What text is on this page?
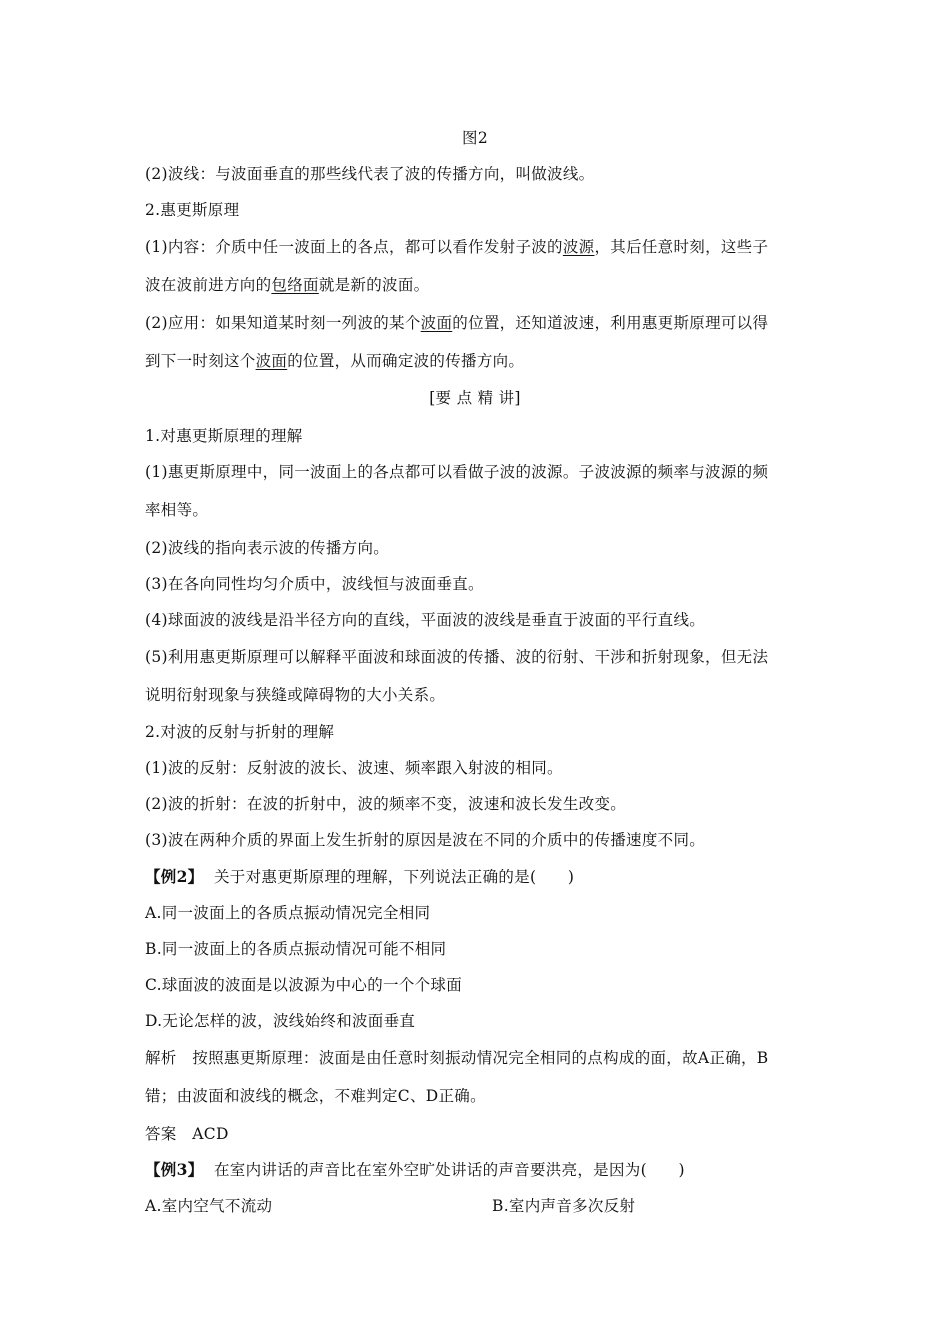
图2
(2)波线：与波面垂直的那些线代表了波的传播方向，叫做波线。
2.惠更斯原理
(1)内容：介质中任一波面上的各点，都可以看作发射子波的波源，其后任意时刻，这些子
波在波前进方向的包络面就是新的波面。
(2)应用：如果知道某时刻一列波的某个波面的位置，还知道波速，利用惠更斯原理可以得
到下一时刻这个波面的位置，从而确定波的传播方向。
[要 点 精 讲]
1.对惠更斯原理的理解
(1)惠更斯原理中，同一波面上的各点都可以看做子波的波源。子波波源的频率与波源的频
率相等。
(2)波线的指向表示波的传播方向。
(3)在各向同性均匀介质中，波线恒与波面垂直。
(4)球面波的波线是沿半径方向的直线，平面波的波线是垂直于波面的平行直线。
(5)利用惠更斯原理可以解释平面波和球面波的传播、波的衍射、干涉和折射现象，但无法
说明衍射现象与狭缝或障碍物的大小关系。
2.对波的反射与折射的理解
(1)波的反射：反射波的波长、波速、频率跟入射波的相同。
(2)波的折射：在波的折射中，波的频率不变，波速和波长发生改变。
(3)波在两种介质的界面上发生折射的原因是波在不同的介质中的传播速度不同。
【例2】 关于对惠更斯原理的理解，下列说法正确的是(　　)
A.同一波面上的各质点振动情况完全相同
B.同一波面上的各质点振动情况可能不相同
C.球面波的波面是以波源为中心的一个个球面
D.无论怎样的波，波线始终和波面垂直
解析 按照惠更斯原理：波面是由任意时刻振动情况完全相同的点构成的面，故A正确，B
错；由波面和波线的概念，不难判定C、D正确。
答案 ACD
【例3】 在室内讲话的声音比在室外空旷处讲话的声音要洪亮，是因为(　　)
A.室内空气不流动	B.室内声音多次反射
